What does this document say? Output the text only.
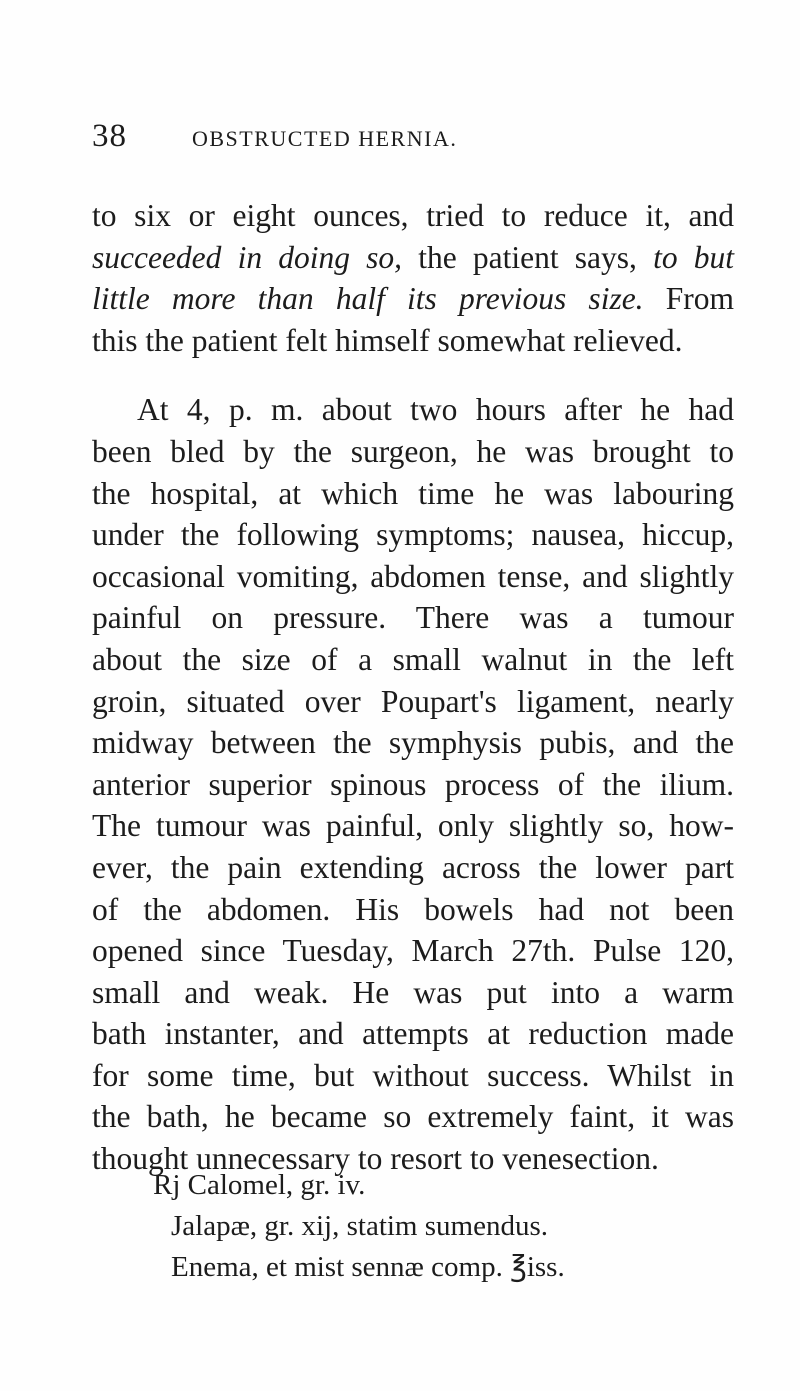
38	OBSTRUCTED HERNIA.

to six or eight ounces, tried to reduce it, and
succeeded in doing so, the patient says, to but
little more than half its previous size. From
this the patient felt himself somewhat relieved.

At 4, p. m. about two hours after he had
been bled by the surgeon, he was brought to
the hospital, at which time he was labouring
under the following symptoms; nausea, hiccup,
occasional vomiting, abdomen tense, and slightly
painful on pressure. There was a tumour
about the size of a small walnut in the left
groin, situated over Poupart's ligament, nearly
midway between the symphysis pubis, and the
anterior superior spinous process of the ilium.
The tumour was painful, only slightly so, how-
ever, the pain extending across the lower part
of the abdomen. His bowels had not been
opened since Tuesday, March 27th. Pulse 120,
small and weak. He was put into a warm
bath instanter, and attempts at reduction made
for some time, but without success. Whilst in
the bath, he became so extremely faint, it was
thought unnecessary to resort to venesection.

Rj Calomel, gr. iv.
Jalapæ, gr. xij, statim sumendus.
Enema, et mist sennæ comp. ℥iss.
